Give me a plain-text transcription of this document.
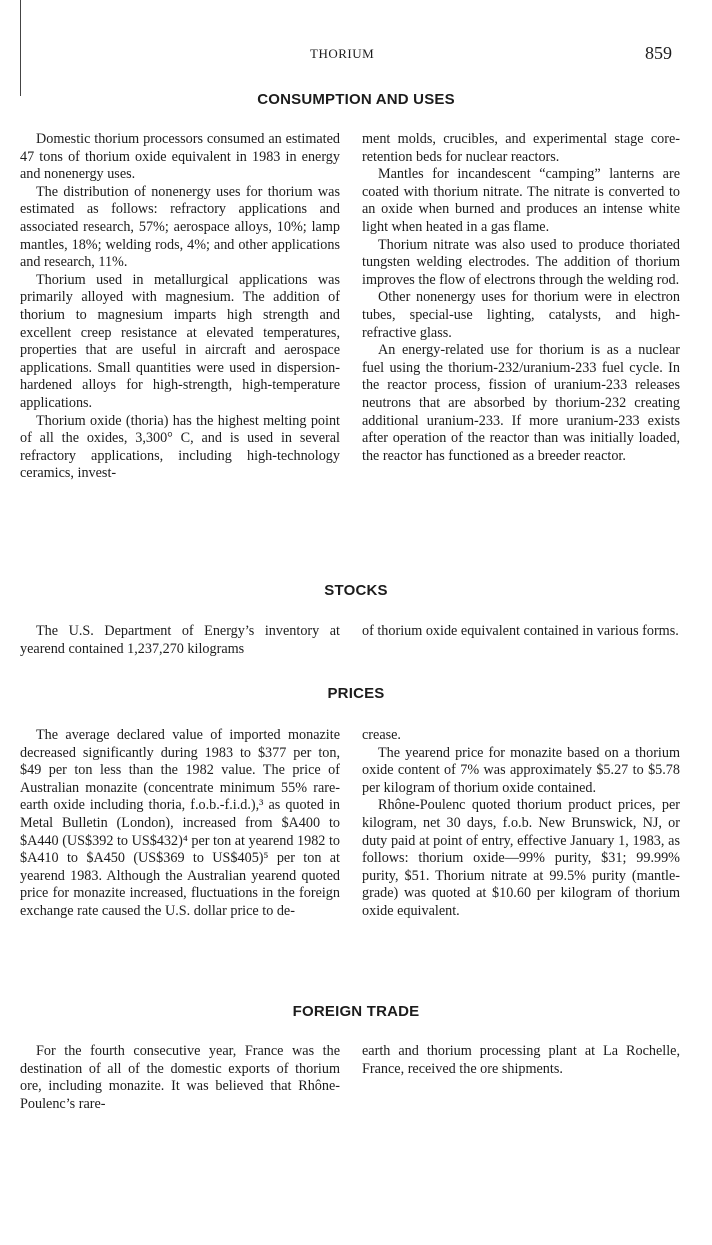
THORIUM	859
CONSUMPTION AND USES

Domestic thorium processors consumed an estimated 47 tons of thorium oxide equivalent in 1983 in energy and nonenergy uses.

The distribution of nonenergy uses for thorium was estimated as follows: refractory applications and associated research, 57%; aerospace alloys, 10%; lamp mantles, 18%; welding rods, 4%; and other applications and research, 11%.

Thorium used in metallurgical applications was primarily alloyed with magnesium. The addition of thorium to magnesium imparts high strength and excellent creep resistance at elevated temperatures, properties that are useful in aircraft and aerospace applications. Small quantities were used in dispersion-hardened alloys for high-strength, high-temperature applications.

Thorium oxide (thoria) has the highest melting point of all the oxides, 3,300° C, and is used in several refractory applications, including high-technology ceramics, invest-

ment molds, crucibles, and experimental stage core-retention beds for nuclear reactors.

Mantles for incandescent “camping” lanterns are coated with thorium nitrate. The nitrate is converted to an oxide when burned and produces an intense white light when heated in a gas flame.

Thorium nitrate was also used to produce thoriated tungsten welding electrodes. The addition of thorium improves the flow of electrons through the welding rod.

Other nonenergy uses for thorium were in electron tubes, special-use lighting, catalysts, and high-refractive glass.

An energy-related use for thorium is as a nuclear fuel using the thorium-232/uranium-233 fuel cycle. In the reactor process, fission of uranium-233 releases neutrons that are absorbed by thorium-232 creating additional uranium-233. If more uranium-233 exists after operation of the reactor than was initially loaded, the reactor has functioned as a breeder reactor.

STOCKS

The U.S. Department of Energy’s inventory at yearend contained 1,237,270 kilograms

of thorium oxide equivalent contained in various forms.

PRICES

The average declared value of imported monazite decreased significantly during 1983 to $377 per ton, $49 per ton less than the 1982 value. The price of Australian monazite (concentrate minimum 55% rare-earth oxide including thoria, f.o.b.-f.i.d.),³ as quoted in Metal Bulletin (London), increased from $A400 to $A440 (US$392 to US$432)⁴ per ton at yearend 1982 to $A410 to $A450 (US$369 to US$405)⁵ per ton at yearend 1983. Although the Australian yearend quoted price for monazite increased, fluctuations in the foreign exchange rate caused the U.S. dollar price to de-

crease.

The yearend price for monazite based on a thorium oxide content of 7% was approximately $5.27 to $5.78 per kilogram of thorium oxide contained.

Rhône-Poulenc quoted thorium product prices, per kilogram, net 30 days, f.o.b. New Brunswick, NJ, or duty paid at point of entry, effective January 1, 1983, as follows: thorium oxide—99% purity, $31; 99.99% purity, $51. Thorium nitrate at 99.5% purity (mantle-grade) was quoted at $10.60 per kilogram of thorium oxide equivalent.

FOREIGN TRADE

For the fourth consecutive year, France was the destination of all of the domestic exports of thorium ore, including monazite. It was believed that Rhône-Poulenc’s rare-

earth and thorium processing plant at La Rochelle, France, received the ore shipments.
